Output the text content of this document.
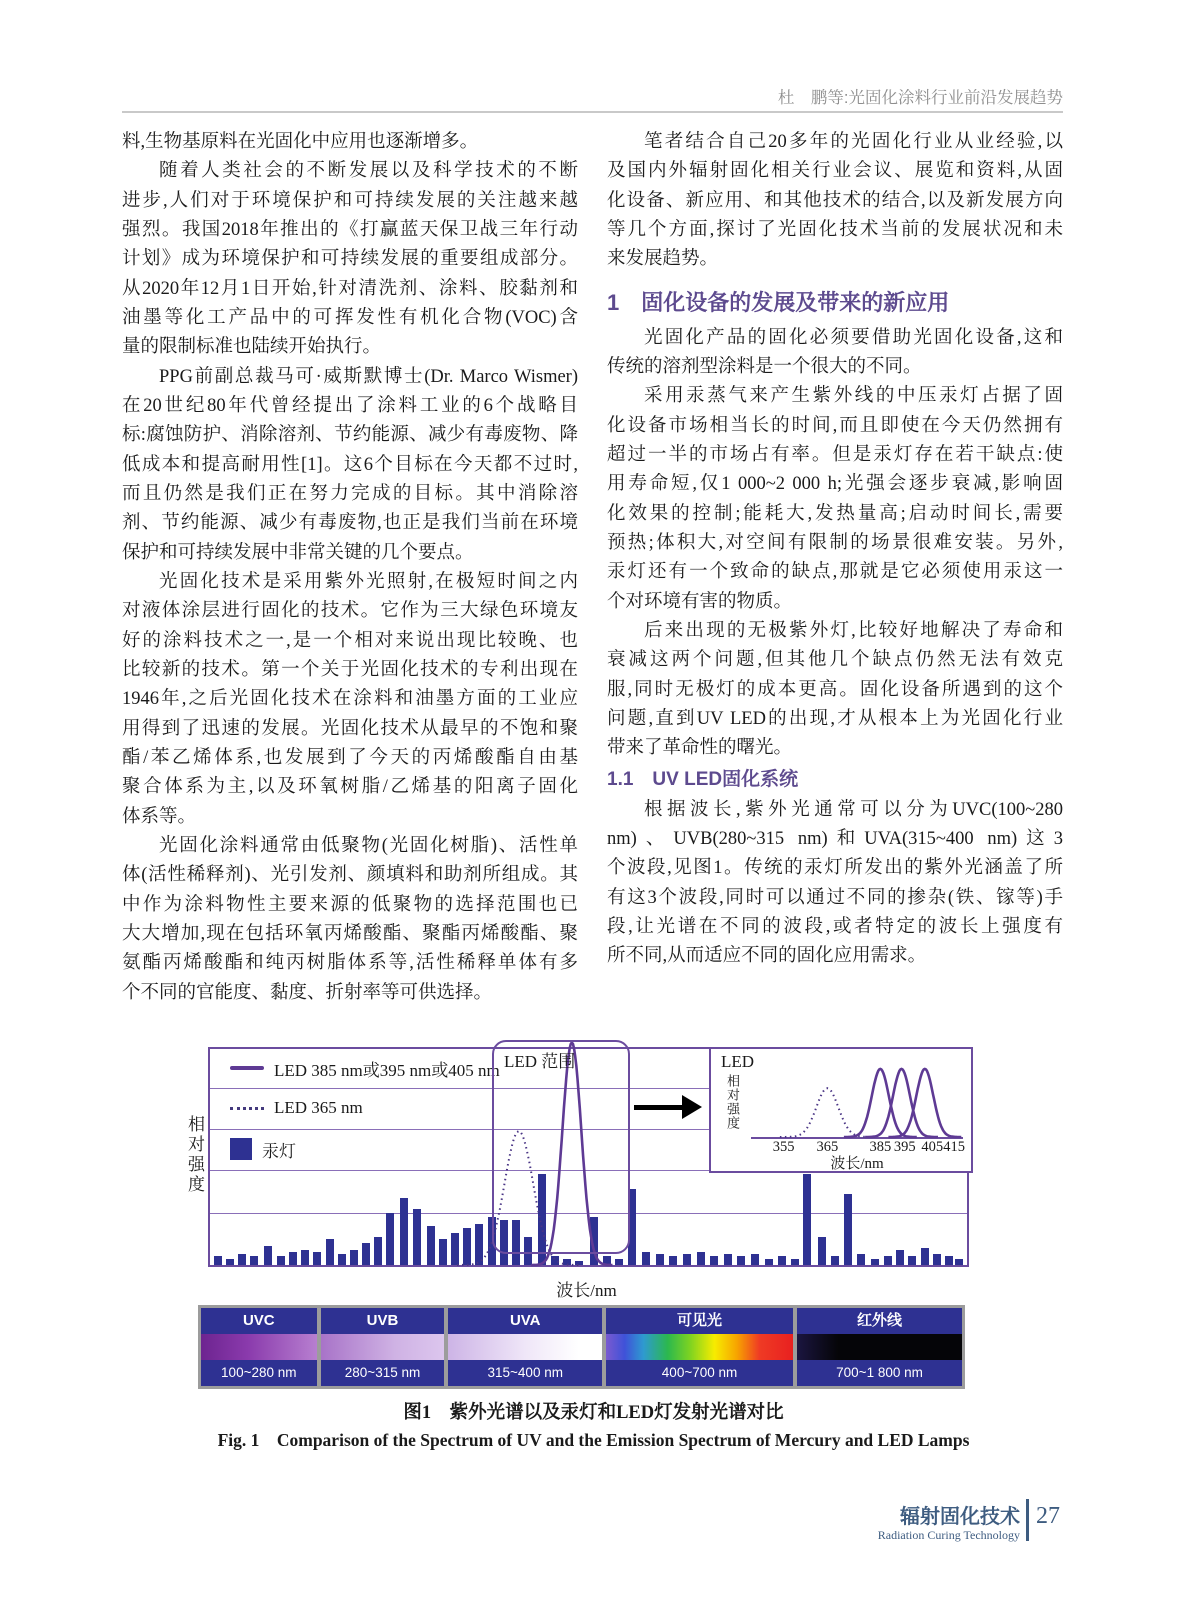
杜　鹏等:光固化涂料行业前沿发展趋势
料,生物基原料在光固化中应用也逐渐增多。
随着人类社会的不断发展以及科学技术的不断
进步,人们对于环境保护和可持续发展的关注越来越
强烈。我国2018年推出的《打赢蓝天保卫战三年行动
计划》成为环境保护和可持续发展的重要组成部分。
从2020年12月1日开始,针对清洗剂、涂料、胶黏剂和
油墨等化工产品中的可挥发性有机化合物(VOC)含
量的限制标准也陆续开始执行。
PPG前副总裁马可·威斯默博士(Dr. Marco Wismer)
在20世纪80年代曾经提出了涂料工业的6个战略目
标:腐蚀防护、消除溶剂、节约能源、减少有毒废物、降
低成本和提高耐用性[1]。这6个目标在今天都不过时,
而且仍然是我们正在努力完成的目标。其中消除溶
剂、节约能源、减少有毒废物,也正是我们当前在环境
保护和可持续发展中非常关键的几个要点。
光固化技术是采用紫外光照射,在极短时间之内
对液体涂层进行固化的技术。它作为三大绿色环境友
好的涂料技术之一,是一个相对来说出现比较晚、也
比较新的技术。第一个关于光固化技术的专利出现在
1946年,之后光固化技术在涂料和油墨方面的工业应
用得到了迅速的发展。光固化技术从最早的不饱和聚
酯/苯乙烯体系,也发展到了今天的丙烯酸酯自由基
聚合体系为主,以及环氧树脂/乙烯基的阳离子固化
体系等。
光固化涂料通常由低聚物(光固化树脂)、活性单
体(活性稀释剂)、光引发剂、颜填料和助剂所组成。其
中作为涂料物性主要来源的低聚物的选择范围也已
大大增加,现在包括环氧丙烯酸酯、聚酯丙烯酸酯、聚
氨酯丙烯酸酯和纯丙树脂体系等,活性稀释单体有多
个不同的官能度、黏度、折射率等可供选择。
笔者结合自己20多年的光固化行业从业经验,以
及国内外辐射固化相关行业会议、展览和资料,从固
化设备、新应用、和其他技术的结合,以及新发展方向
等几个方面,探讨了光固化技术当前的发展状况和未
来发展趋势。
1　固化设备的发展及带来的新应用
光固化产品的固化必须要借助光固化设备,这和
传统的溶剂型涂料是一个很大的不同。
采用汞蒸气来产生紫外线的中压汞灯占据了固
化设备市场相当长的时间,而且即使在今天仍然拥有
超过一半的市场占有率。但是汞灯存在若干缺点:使
用寿命短,仅1 000~2 000 h;光强会逐步衰减,影响固
化效果的控制;能耗大,发热量高;启动时间长,需要
预热;体积大,对空间有限制的场景很难安装。另外,
汞灯还有一个致命的缺点,那就是它必须使用汞这一
个对环境有害的物质。
后来出现的无极紫外灯,比较好地解决了寿命和
衰减这两个问题,但其他几个缺点仍然无法有效克
服,同时无极灯的成本更高。固化设备所遇到的这个
问题,直到UV LED的出现,才从根本上为光固化行业
带来了革命性的曙光。
1.1　UV LED固化系统
根据波长,紫外光通常可以分为UVC(100~280
nm)、UVB(280~315 nm)和UVA(315~400 nm)这3
个波段,见图1。传统的汞灯所发出的紫外光涵盖了所
有这3个波段,同时可以通过不同的掺杂(铁、镓等)手
段,让光谱在不同的波段,或者特定的波长上强度有
所不同,从而适应不同的固化应用需求。
相对强度
LED 385 nm或395 nm或405 nm
LED 365 nm
汞灯
LED 范围	LED
相对强度
355 365 385 395 405 415
波长/nm
波长/nm
UVC
100~280 nm
UVB
280~315 nm
UVA
315~400 nm
可见光
400~700 nm
红外线
700~1 800 nm
图1　紫外光谱以及汞灯和LED灯发射光谱对比
Fig. 1　Comparison of the Spectrum of UV and the Emission Spectrum of Mercury and LED Lamps
辐射固化技术
Radiation Curing Technology
27
